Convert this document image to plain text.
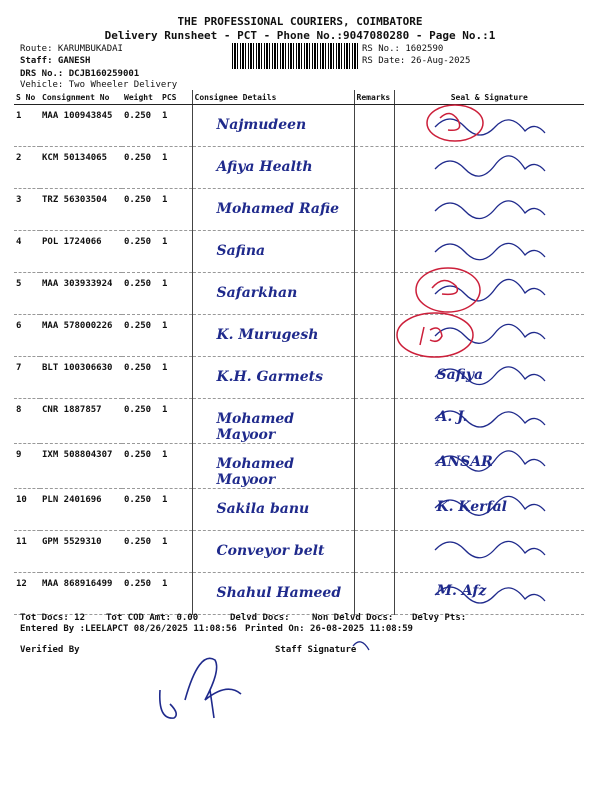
THE PROFESSIONAL COURIERS, COIMBATORE
Delivery Runsheet - PCT - Phone No.:9047080280 - Page No.:1
Route: KARUMBUKADAI
Staff: GANESH
DRS No.: DCJB160259001
Vehicle: Two Wheeler Delivery
RS No.: 1602590
RS Date: 26-Aug-2025
S No	Consignment No	Weight	PCS	Consignee Details	Remarks	Seal & Signature
1	MAA 100943845	0.250	1	Najmudeen		

2	KCM 50134065	0.250	1	Afiya Health		

3	TRZ 56303504	0.250	1	Mohamed Rafie		

4	POL 1724066	0.250	1	Safina		

5	MAA 303933924	0.250	1	Safarkhan		

6	MAA 578000226	0.250	1	K. Murugesh		

7	BLT 100306630	0.250	1	K.H. Garmets		Safiya

8	CNR 1887857	0.250	1	Mohamed Mayoor		A. J.

9	IXM 508804307	0.250	1	Mohamed Mayoor		ANSAR

10	PLN 2401696	0.250	1	Sakila banu		K. Kerfal

11	GPM 5529310	0.250	1	Conveyor belt		

12	MAA 868916499	0.250	1	Shahul Hameed		M. Afz
Tot Docs: 12 Tot COD Amt: 0.00	Delvd Docs: Non Delvd Docs: Delvy Pts:
Entered By :LEELAPCT 08/26/2025 11:08:56 Printed On: 26-08-2025 11:08:59
Verified By	Staff Signature
